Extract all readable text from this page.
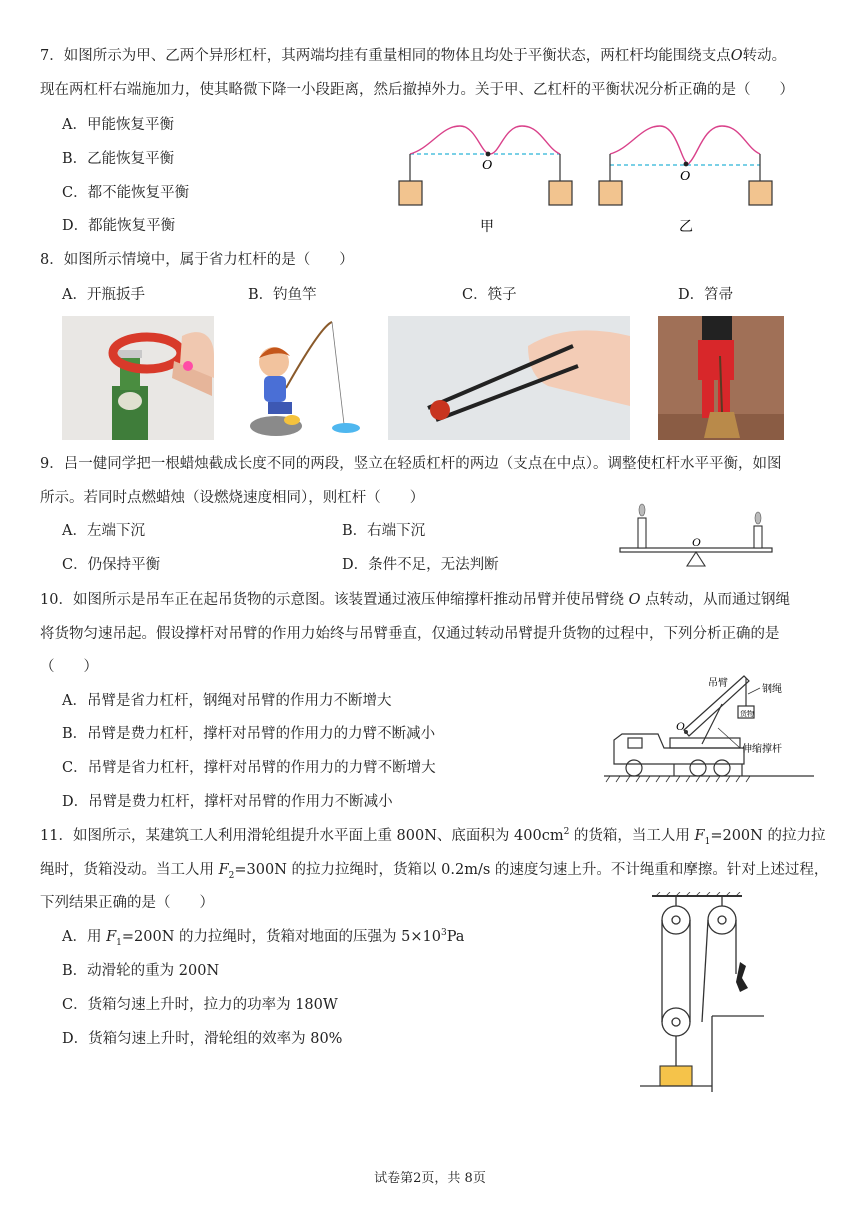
7．如图所示为甲、乙两个异形杠杆，其两端均挂有重量相同的物体且均处于平衡状态，两杠杆均能围绕支点O转动。
现在两杠杆右端施加力，使其略微下降一小段距离，然后撤掉外力。关于甲、乙杠杆的平衡状况分析正确的是（　　）
A．甲能恢复平衡
B．乙能恢复平衡
C．都不能恢复平衡
D．都能恢复平衡
O
O
甲	乙
8．如图所示情境中，属于省力杠杆的是（　　）
A．开瓶扳手	B．钓鱼竿	C．筷子	D．笤帚
9．吕一健同学把一根蜡烛截成长度不同的两段，竖立在轻质杠杆的两边（支点在中点）。调整使杠杆水平平衡，如图
所示。若同时点燃蜡烛（设燃烧速度相同），则杠杆（　　）
A．左端下沉	B．右端下沉
C．仍保持平衡	D．条件不足，无法判断
O
10．如图所示是吊车正在起吊货物的示意图。该装置通过液压伸缩撑杆推动吊臂并使吊臂绕 O 点转动，从而通过钢绳
将货物匀速吊起。假设撑杆对吊臂的作用力始终与吊臂垂直，仅通过转动吊臂提升货物的过程中，下列分析正确的是
（　　）
A．吊臂是省力杠杆，钢绳对吊臂的作用力不断增大
B．吊臂是费力杠杆，撑杆对吊臂的作用力的力臂不断减小
C．吊臂是省力杠杆，撑杆对吊臂的作用力的力臂不断增大
D．吊臂是费力杠杆，撑杆对吊臂的作用力不断减小
O
吊臂
钢绳
货物
伸缩撑杆
11．如图所示，某建筑工人利用滑轮组提升水平面上重 800N、底面积为 $400cm^2$ 的货箱，当工人用 $F_1=200N$ 的拉力拉
绳时，货箱没动。当工人用 $F_2=300N$ 的拉力拉绳时，货箱以 0.2m/s 的速度匀速上升。不计绳重和摩擦。针对上述过程，
下列结果正确的是（　　）
A．用 $F_1=200N$ 的力拉绳时，货箱对地面的压强为 $5\times 10^3Pa$
B．动滑轮的重为 200N
C．货箱匀速上升时，拉力的功率为 180W
D．货箱匀速上升时，滑轮组的效率为 80%
试卷第2页，共 8页
